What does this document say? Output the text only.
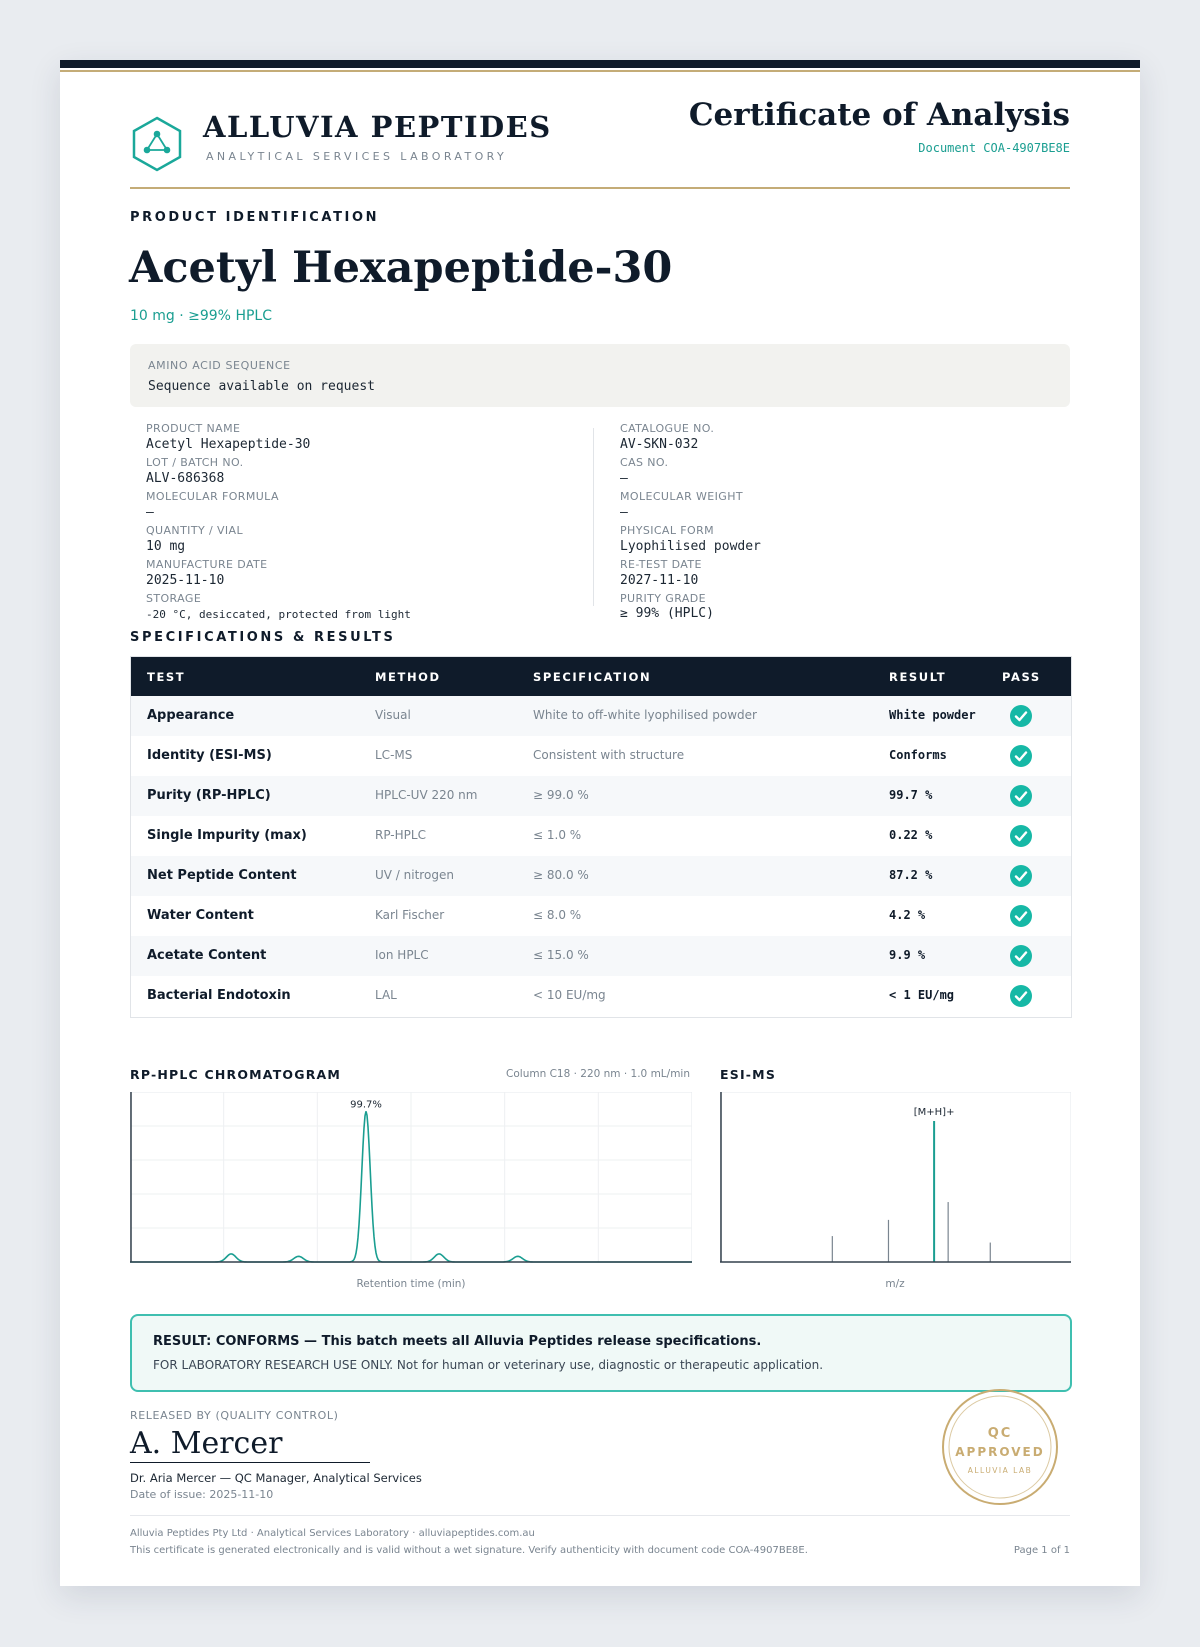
ALLUVIA PEPTIDES
ANALYTICAL SERVICES LABORATORY
Certificate of Analysis
Document COA-4907BE8E
PRODUCT IDENTIFICATION
Acetyl Hexapeptide-30
10 mg · ≥99% HPLC
AMINO ACID SEQUENCE
Sequence available on request
PRODUCT NAME
Acetyl Hexapeptide-30
LOT / BATCH NO.
ALV-686368
MOLECULAR FORMULA
—
QUANTITY / VIAL
10 mg
MANUFACTURE DATE
2025-11-10
STORAGE
-20 °C, desiccated, protected from light
CATALOGUE NO.
AV-SKN-032
CAS NO.
—
MOLECULAR WEIGHT
—
PHYSICAL FORM
Lyophilised powder
RE-TEST DATE
2027-11-10
PURITY GRADE
≥ 99% (HPLC)
SPECIFICATIONS & RESULTS
TEST	METHOD	SPECIFICATION	RESULT	PASS
Appearance	Visual	White to off-white lyophilised powder	White powder
Identity (ESI-MS)	LC-MS	Consistent with structure	Conforms
Purity (RP-HPLC)	HPLC-UV 220 nm	≥ 99.0 %	99.7 %
Single Impurity (max)	RP-HPLC	≤ 1.0 %	0.22 %
Net Peptide Content	UV / nitrogen	≥ 80.0 %	87.2 %
Water Content	Karl Fischer	≤ 8.0 %	4.2 %
Acetate Content	Ion HPLC	≤ 15.0 %	9.9 %
Bacterial Endotoxin	LAL	< 10 EU/mg	< 1 EU/mg
RP-HPLC CHROMATOGRAM	Column C18 · 220 nm · 1.0 mL/min
99.7%
Retention time (min)
ESI-MS
[M+H]+
m/z
RESULT: CONFORMS — This batch meets all Alluvia Peptides release specifications.
FOR LABORATORY RESEARCH USE ONLY. Not for human or veterinary use, diagnostic or therapeutic application.
RELEASED BY (QUALITY CONTROL)
A. Mercer
Dr. Aria Mercer — QC Manager, Analytical Services
Date of issue: 2025-11-10
QC
APPROVED
ALLUVIA LAB
Alluvia Peptides Pty Ltd · Analytical Services Laboratory · alluviapeptides.com.au
This certificate is generated electronically and is valid without a wet signature. Verify authenticity with document code COA-4907BE8E.	Page 1 of 1
